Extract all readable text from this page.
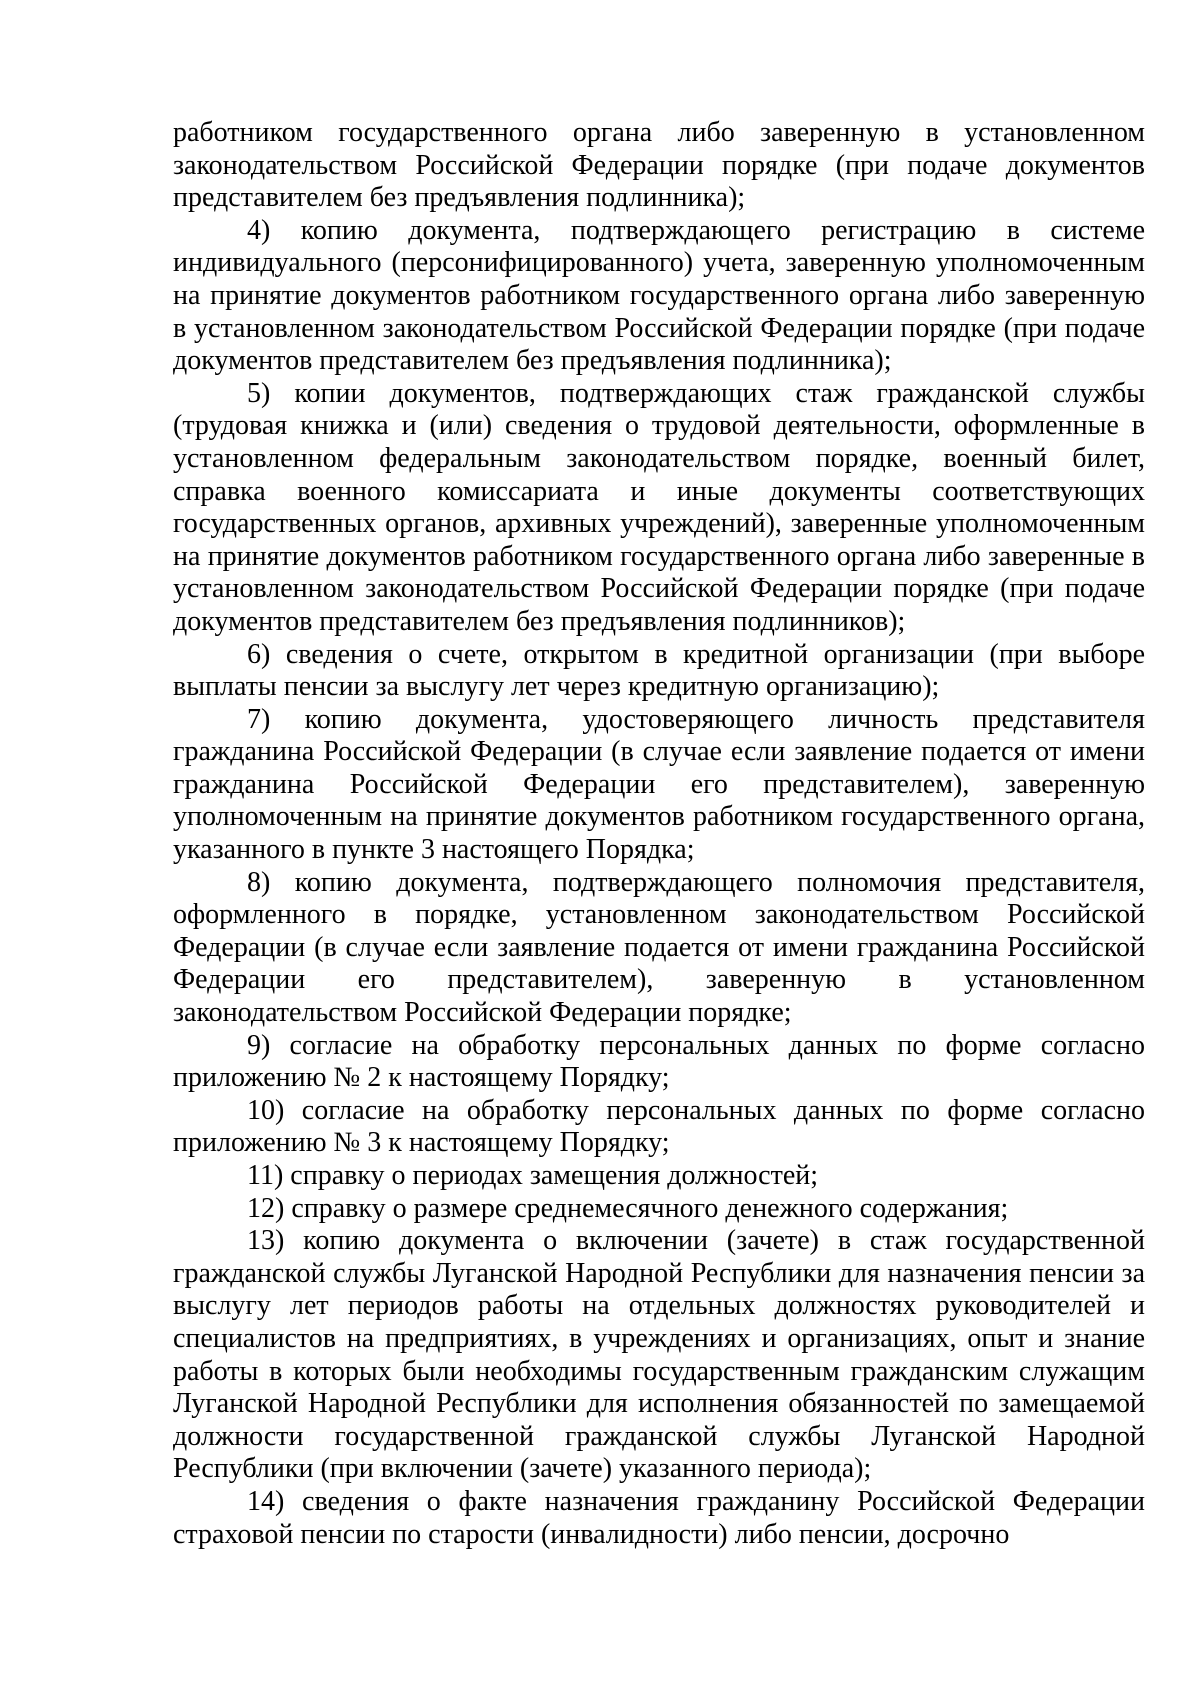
работником государственного органа либо заверенную в установленном законодательством Российской Федерации порядке (при подаче документов представителем без предъявления подлинника);

4) копию документа, подтверждающего регистрацию в системе индивидуального (персонифицированного) учета, заверенную уполномоченным на принятие документов работником государственного органа либо заверенную в установленном законодательством Российской Федерации порядке (при подаче документов представителем без предъявления подлинника);

5) копии документов, подтверждающих стаж гражданской службы (трудовая книжка и (или) сведения о трудовой деятельности, оформленные в установленном федеральным законодательством порядке, военный билет, справка военного комиссариата и иные документы соответствующих государственных органов, архивных учреждений), заверенные уполномоченным на принятие документов работником государственного органа либо заверенные в установленном законодательством Российской Федерации порядке (при подаче документов представителем без предъявления подлинников);

6) сведения о счете, открытом в кредитной организации (при выборе выплаты пенсии за выслугу лет через кредитную организацию);

7) копию документа, удостоверяющего личность представителя гражданина Российской Федерации (в случае если заявление подается от имени гражданина Российской Федерации его представителем), заверенную уполномоченным на принятие документов работником государственного органа, указанного в пункте 3 настоящего Порядка;

8) копию документа, подтверждающего полномочия представителя, оформленного в порядке, установленном законодательством Российской Федерации (в случае если заявление подается от имени гражданина Российской Федерации его представителем), заверенную в установленном законодательством Российской Федерации порядке;

9) согласие на обработку персональных данных по форме согласно приложению № 2 к настоящему Порядку;

10) согласие на обработку персональных данных по форме согласно приложению № 3 к настоящему Порядку;

11) справку о периодах замещения должностей;

12) справку о размере среднемесячного денежного содержания;

13) копию документа о включении (зачете) в стаж государственной гражданской службы Луганской Народной Республики для назначения пенсии за выслугу лет периодов работы на отдельных должностях руководителей и специалистов на предприятиях, в учреждениях и организациях, опыт и знание работы в которых были необходимы государственным гражданским служащим Луганской Народной Республики для исполнения обязанностей по замещаемой должности государственной гражданской службы Луганской Народной Республики (при включении (зачете) указанного периода);

14) сведения о факте назначения гражданину Российской Федерации страховой пенсии по старости (инвалидности) либо пенсии, досрочно
